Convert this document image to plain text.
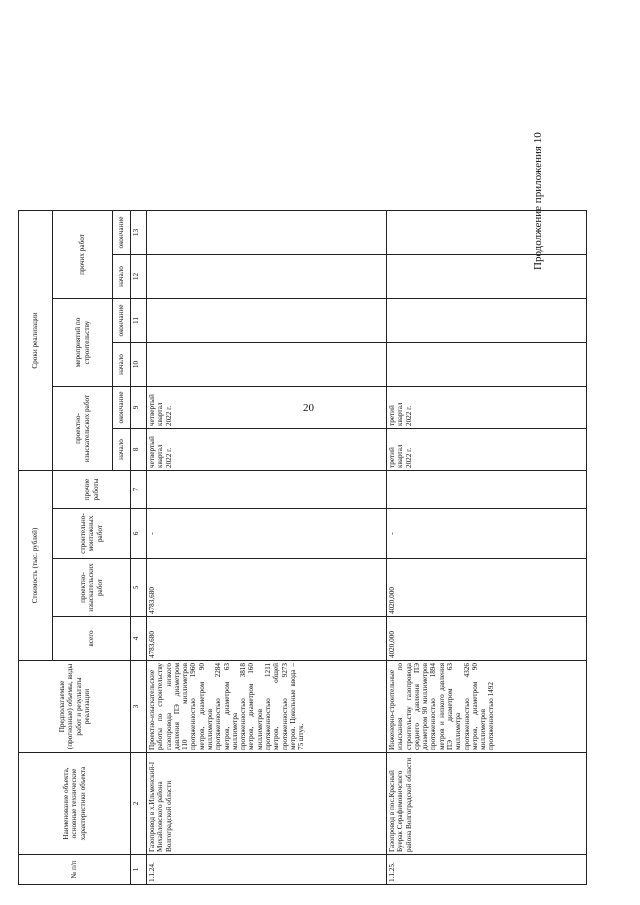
20
Продолжение приложения 10
№ п/п	Наименование объекта, основные технические характеристики объекта	Предполагаемые (прогнозные) объемы, виды работ и результаты реализации	Стоимость (тыс. рублей)				Сроки реализации					
			всего	проектно-изыскательских работ	строительно-монтажных работ	прочие работы	проектно-изыскательских работ		мероприятий по строительству		прочих работ	
							начало	окончание	начало	окончание	начало	окончание
1	2	3	4	5	6	7	8	9	10	11	12	13
1.1.24.	Газопровод в х.Ильменский-I Михайловского района Волгоградской области	Проектно-изыскательские работы по строительству газопровода низкого давления ПЭ диаметром 110 миллиметров протяженностью 1960 метров, диаметром 90 миллиметров протяженностью 2284 метров, диаметром 63 миллиметра протяженностью 3818 метров, диаметром 160 миллиметров протяженностью 1211 метров, общей протяженностью 9273 метров. Цокольные ввода – 75 штук.	4783,680	4783,680	-		четвертый квартал 2022 г.	четвертый квартал 2022 г.				
1.1.25.	Газопровод в пос.Красный Буерак Серафимовичского района Волгоградской области	Инженерно-строительные изыскания по строительству газопровода среднего давления ПЭ диаметром 90 миллиметров протяженностью 1894 метров и низкого давления ПЭ диаметром 63 миллиметра протяженностью 4326 метров, диаметром 90 миллиметров протяженностью 1492	4020,000	4020,000	-		третий квартал 2022 г.	третий квартал 2022 г.				
